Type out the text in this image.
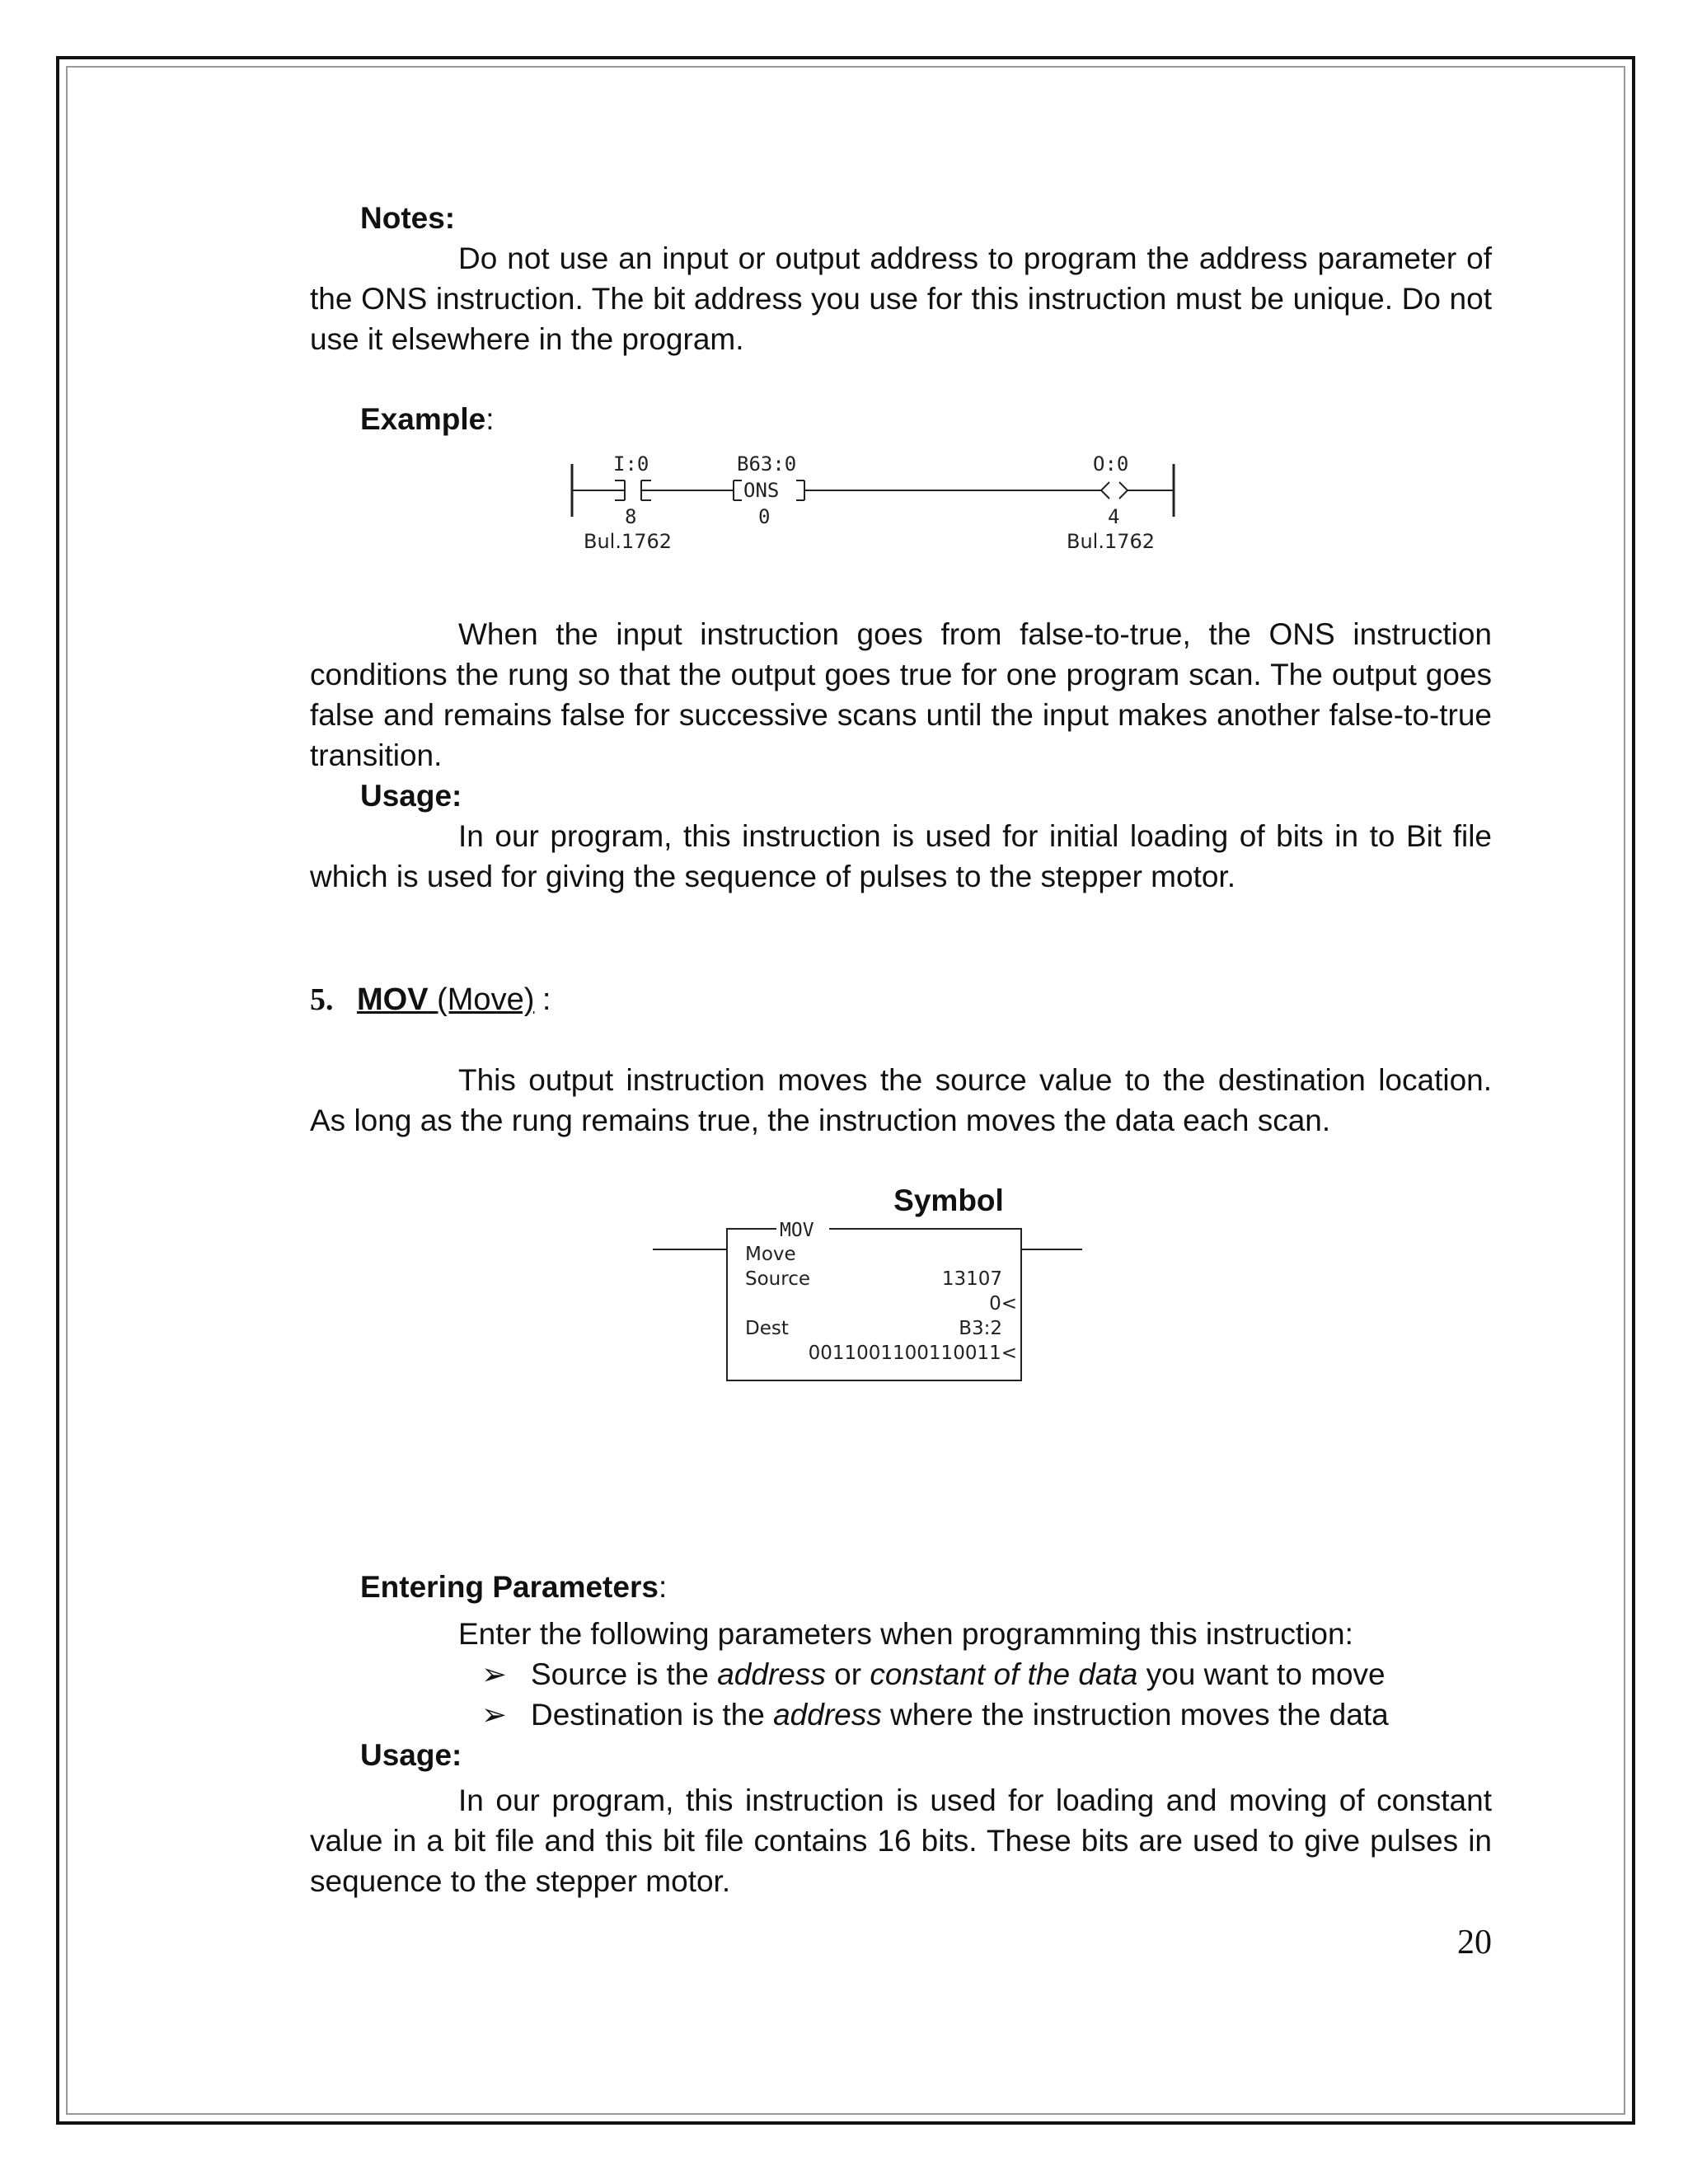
Notes:

Do not use an input or output address to program the address parameter of the ONS instruction. The bit address you use for this instruction must be unique. Do not use it elsewhere in the program.

Example:

I:0
8
Bul.1762
B63:0
ONS
0
O:0
4
Bul.1762

When the input instruction goes from false-to-true, the ONS instruction conditions the rung so that the output goes true for one program scan. The output goes false and remains false for successive scans until the input makes another false-to-true transition.

Usage:

In our program, this instruction is used for initial loading of bits in to Bit file which is used for giving the sequence of pulses to the stepper motor.

5. MOV (Move) :

This output instruction moves the source value to the destination location. As long as the rung remains true, the instruction moves the data each scan.

Symbol

MOV
Move
Source	13107
0<
Dest	B3:2
0011001100110011<

Entering Parameters:

Enter the following parameters when programming this instruction:

➢ Source is the address or constant of the data you want to move
➢ Destination is the address where the instruction moves the data

Usage:

In our program, this instruction is used for loading and moving of constant value in a bit file and this bit file contains 16 bits. These bits are used to give pulses in sequence to the stepper motor.

20
